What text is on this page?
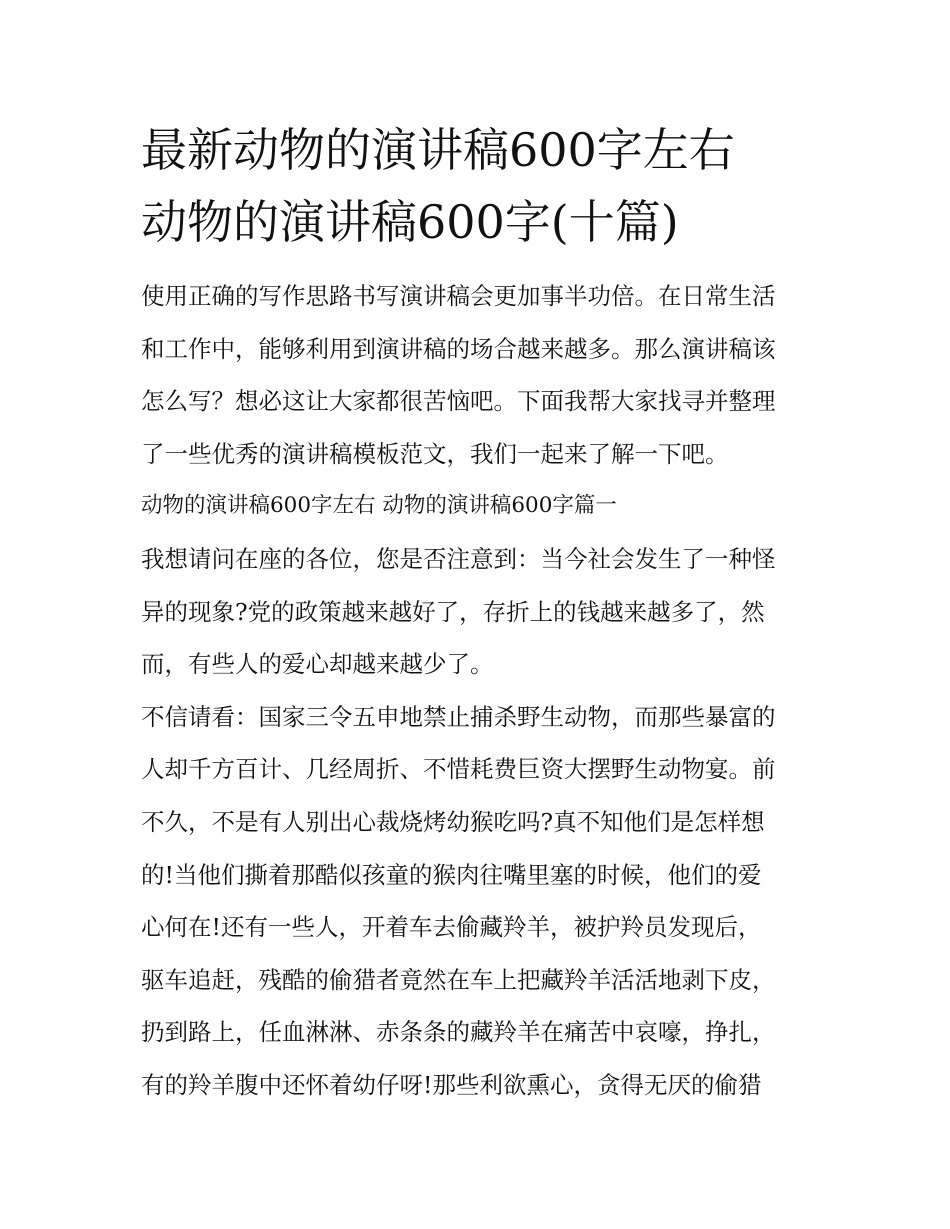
最新动物的演讲稿600字左右
动物的演讲稿600字(十篇)

使用正确的写作思路书写演讲稿会更加事半功倍。在日常生活
和工作中，能够利用到演讲稿的场合越来越多。那么演讲稿该
怎么写？想必这让大家都很苦恼吧。下面我帮大家找寻并整理
了一些优秀的演讲稿模板范文，我们一起来了解一下吧。

动物的演讲稿600字左右 动物的演讲稿600字篇一

我想请问在座的各位，您是否注意到：当今社会发生了一种怪
异的现象?党的政策越来越好了，存折上的钱越来越多了，然
而，有些人的爱心却越来越少了。

不信请看：国家三令五申地禁止捕杀野生动物，而那些暴富的
人却千方百计、几经周折、不惜耗费巨资大摆野生动物宴。前
不久，不是有人别出心裁烧烤幼猴吃吗?真不知他们是怎样想
的!当他们撕着那酷似孩童的猴肉往嘴里塞的时候，他们的爱
心何在!还有一些人，开着车去偷藏羚羊，被护羚员发现后，
驱车追赶，残酷的偷猎者竟然在车上把藏羚羊活活地剥下皮，
扔到路上，任血淋淋、赤条条的藏羚羊在痛苦中哀嚎，挣扎，
有的羚羊腹中还怀着幼仔呀!那些利欲熏心，贪得无厌的偷猎
